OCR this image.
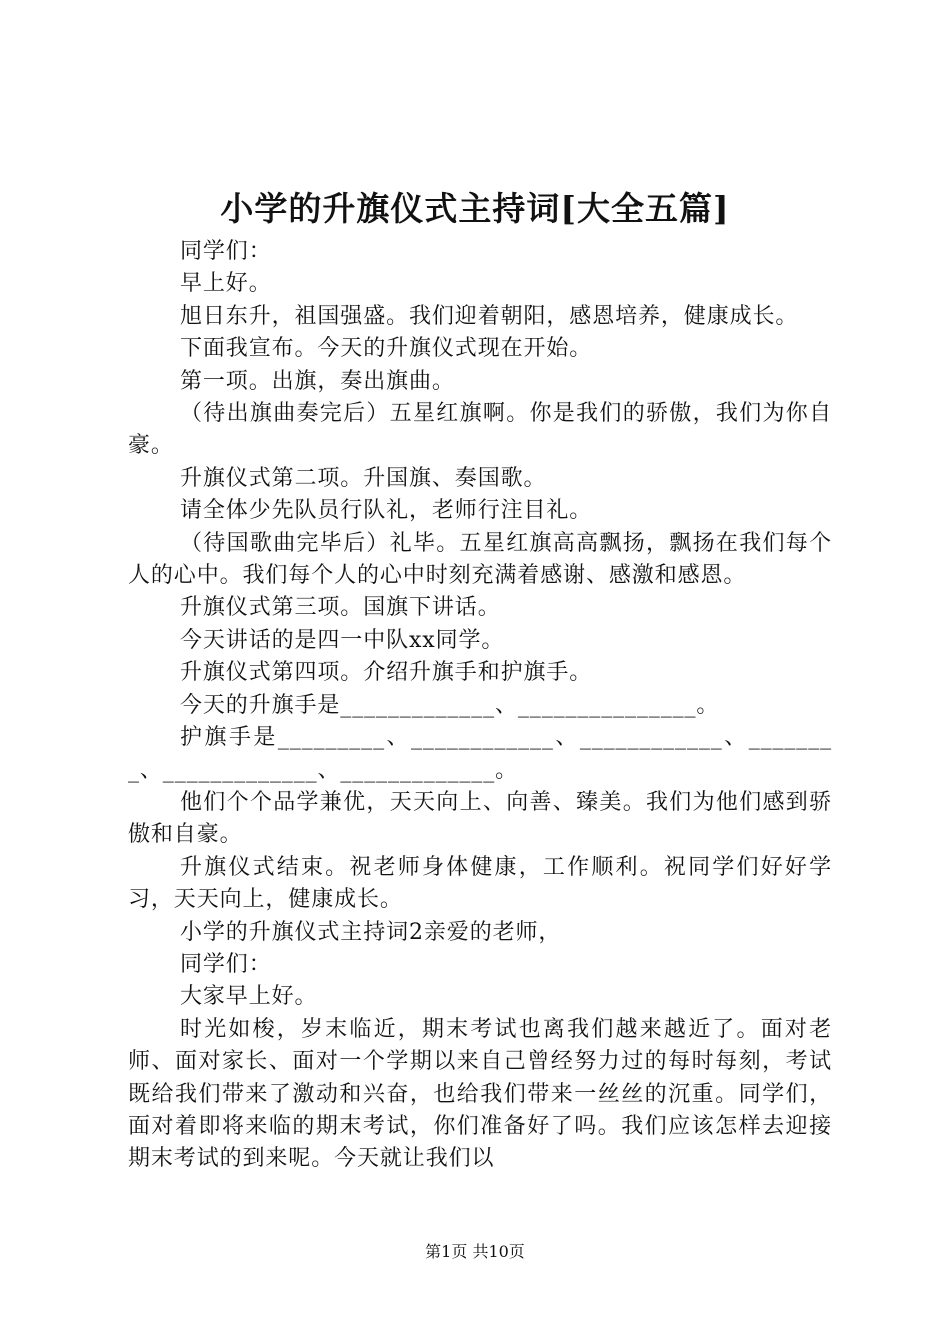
小学的升旗仪式主持词[大全五篇]

同学们：

早上好。

旭日东升，祖国强盛。我们迎着朝阳，感恩培养，健康成长。

下面我宣布。今天的升旗仪式现在开始。

第一项。出旗，奏出旗曲。

（待出旗曲奏完后）五星红旗啊。你是我们的骄傲，我们为你自豪。

升旗仪式第二项。升国旗、奏国歌。

请全体少先队员行队礼，老师行注目礼。

（待国歌曲完毕后）礼毕。五星红旗高高飘扬，飘扬在我们每个人的心中。我们每个人的心中时刻充满着感谢、感激和感恩。

升旗仪式第三项。国旗下讲话。

今天讲话的是四一中队xx同学。

升旗仪式第四项。介绍升旗手和护旗手。

今天的升旗手是_____________、_______________。

护旗手是_________、____________、____________、________、_____________、_____________。

他们个个品学兼优，天天向上、向善、臻美。我们为他们感到骄傲和自豪。

升旗仪式结束。祝老师身体健康，工作顺利。祝同学们好好学习，天天向上，健康成长。

小学的升旗仪式主持词2亲爱的老师，

同学们：

大家早上好。

时光如梭，岁末临近，期末考试也离我们越来越近了。面对老师、面对家长、面对一个学期以来自己曾经努力过的每时每刻，考试既给我们带来了激动和兴奋，也给我们带来一丝丝的沉重。同学们，面对着即将来临的期末考试，你们准备好了吗。我们应该怎样去迎接期末考试的到来呢。今天就让我们以

第1页 共10页
